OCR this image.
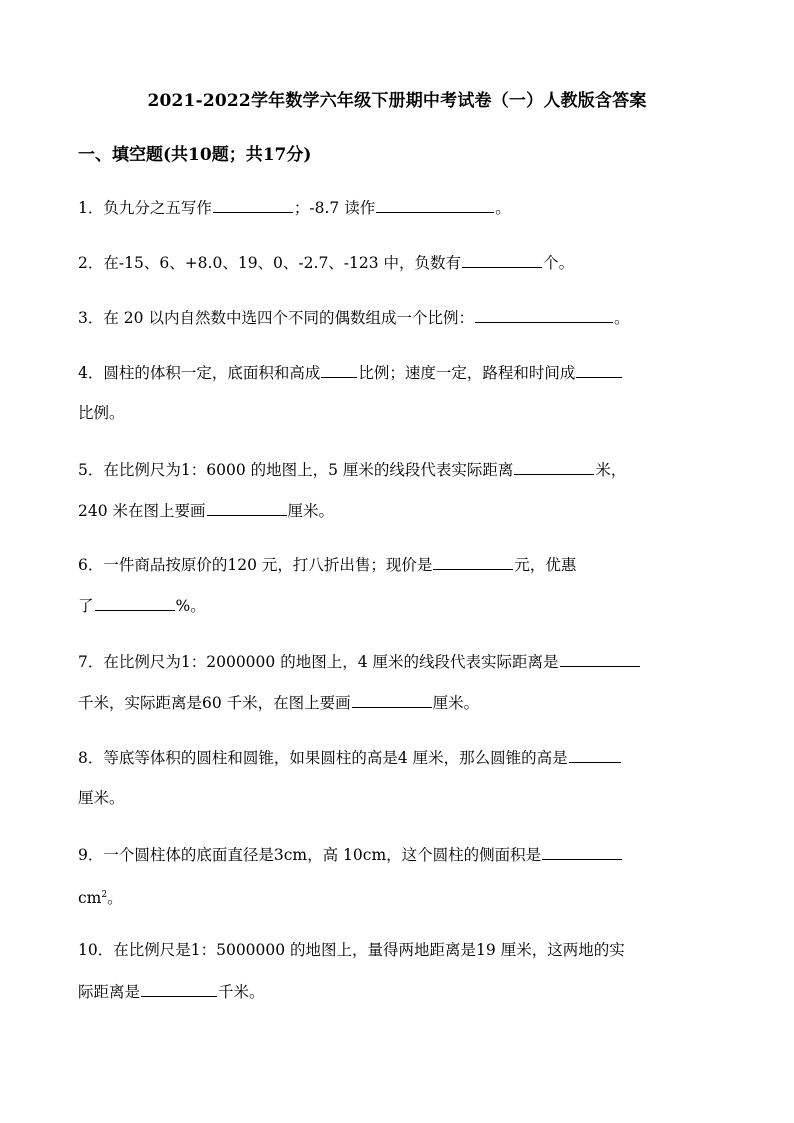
2021-2022学年数学六年级下册期中考试卷（一）人教版含答案
一、填空题(共10题；共17分)
1．负九分之五写作	；-8.7 读作	。
2．在-15、6、+8.0、19、0、-2.7、-123 中，负数有	个。
3．在 20 以内自然数中选四个不同的偶数组成一个比例：	。
4．圆柱的体积一定，底面积和高成 比例；速度一定，路程和时间成
比例。
5．在比例尺为1：6000 的地图上，5 厘米的线段代表实际距离	米，
240 米在图上要画	厘米。
6．一件商品按原价的120 元，打八折出售；现价是	元，优惠
了	%。
7．在比例尺为1：2000000 的地图上，4 厘米的线段代表实际距离是
千米，实际距离是60 千米，在图上要画	厘米。
8．等底等体积的圆柱和圆锥，如果圆柱的高是4 厘米，那么圆锥的高是
厘米。
9．一个圆柱体的底面直径是3cm，高 10cm，这个圆柱的侧面积是
$cm^2$。
10．在比例尺是1：5000000 的地图上，量得两地距离是19 厘米，这两地的实
际距离是	千米。
